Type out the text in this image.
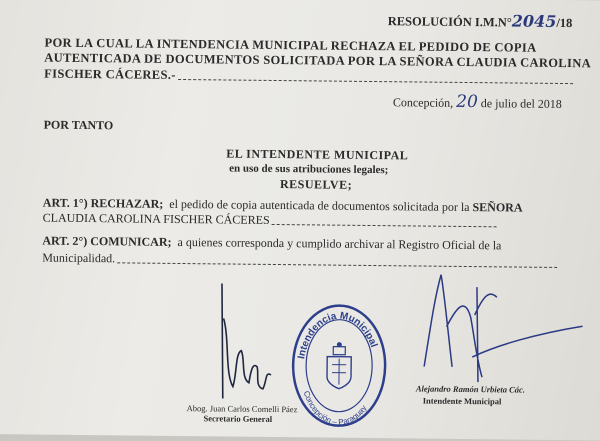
RESOLUCIÓN I.M.N°2045/18
POR LA CUAL LA INTENDENCIA MUNICIPAL RECHAZA EL PEDIDO DE COPIA
AUTENTICADA DE DOCUMENTOS SOLICITADA POR LA SEÑORA CLAUDIA CAROLINA
FISCHER CÁCERES.-
Concepción, 20 de julio del 2018
POR TANTO
EL INTENDENTE MUNICIPAL
en uso de sus atribuciones legales;
RESUELVE;
ART. 1°) RECHAZAR; el pedido de copia autenticada de documentos solicitada por la SEÑORA
CLAUDIA CAROLINA FISCHER CÁCERES
ART. 2°) COMUNICAR; a quienes corresponda y cumplido archivar al Registro Oficial de la
Municipalidad.
Abog. Juan Carlos Comelli Páez
Secretario General
Alejandro Ramón Urbieta Các.
Intendente Municipal
Intendencia Municipal
Concepción – Paraguay
